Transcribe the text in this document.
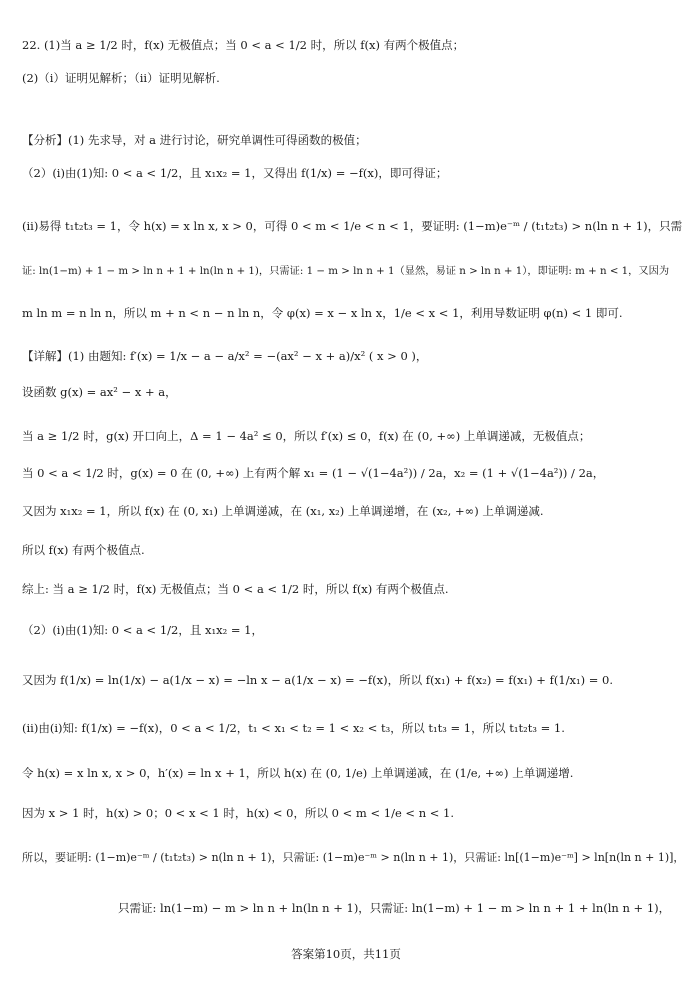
22. (1)当 a ≥ 1/2 时，f(x) 无极值点；当 0 < a < 1/2 时，所以 f(x) 有两个极值点；
(2)（i）证明见解析；（ii）证明见解析.
【分析】(1) 先求导，对 a 进行讨论，研究单调性可得函数的极值；
（2）(i)由(1)知: 0 < a < 1/2，且 x₁x₂ = 1，又得出 f(1/x) = −f(x)，即可得证；
(ii)易得 t₁t₂t₃ = 1，令 h(x) = x ln x, x > 0，可得 0 < m < 1/e < n < 1，要证明: (1−m)e⁻ᵐ / (t₁t₂t₃) > n(ln n + 1)，只需
证: ln(1−m) + 1 − m > ln n + 1 + ln(ln n + 1)，只需证: 1 − m > ln n + 1（显然，易证 n > ln n + 1），即证明: m + n < 1，又因为
m ln m = n ln n，所以 m + n < n − n ln n，令 φ(x) = x − x ln x，1/e < x < 1，利用导数证明 φ(n) < 1 即可.
【详解】(1) 由题知: f′(x) = 1/x − a − a/x² = −(ax² − x + a)/x² ( x > 0 )，
设函数 g(x) = ax² − x + a，
当 a ≥ 1/2 时，g(x) 开口向上，Δ = 1 − 4a² ≤ 0，所以 f′(x) ≤ 0，f(x) 在 (0, +∞) 上单调递减，无极值点；
当 0 < a < 1/2 时，g(x) = 0 在 (0, +∞) 上有两个解 x₁ = (1 − √(1−4a²)) / 2a，x₂ = (1 + √(1−4a²)) / 2a，
又因为 x₁x₂ = 1，所以 f(x) 在 (0, x₁) 上单调递减，在 (x₁, x₂) 上单调递增，在 (x₂, +∞) 上单调递减.
所以 f(x) 有两个极值点.
综上: 当 a ≥ 1/2 时，f(x) 无极值点；当 0 < a < 1/2 时，所以 f(x) 有两个极值点.
（2）(i)由(1)知: 0 < a < 1/2，且 x₁x₂ = 1，
又因为 f(1/x) = ln(1/x) − a(1/x − x) = −ln x − a(1/x − x) = −f(x)，所以 f(x₁) + f(x₂) = f(x₁) + f(1/x₁) = 0.
(ii)由(i)知: f(1/x) = −f(x)，0 < a < 1/2，t₁ < x₁ < t₂ = 1 < x₂ < t₃，所以 t₁t₃ = 1，所以 t₁t₂t₃ = 1.
令 h(x) = x ln x, x > 0，h′(x) = ln x + 1，所以 h(x) 在 (0, 1/e) 上单调递减，在 (1/e, +∞) 上单调递增.
因为 x > 1 时，h(x) > 0；0 < x < 1 时，h(x) < 0，所以 0 < m < 1/e < n < 1.
所以，要证明: (1−m)e⁻ᵐ / (t₁t₂t₃) > n(ln n + 1)，只需证: (1−m)e⁻ᵐ > n(ln n + 1)，只需证: ln[(1−m)e⁻ᵐ] > ln[n(ln n + 1)]，
只需证: ln(1−m) − m > ln n + ln(ln n + 1)，只需证: ln(1−m) + 1 − m > ln n + 1 + ln(ln n + 1)，
答案第10页，共11页
